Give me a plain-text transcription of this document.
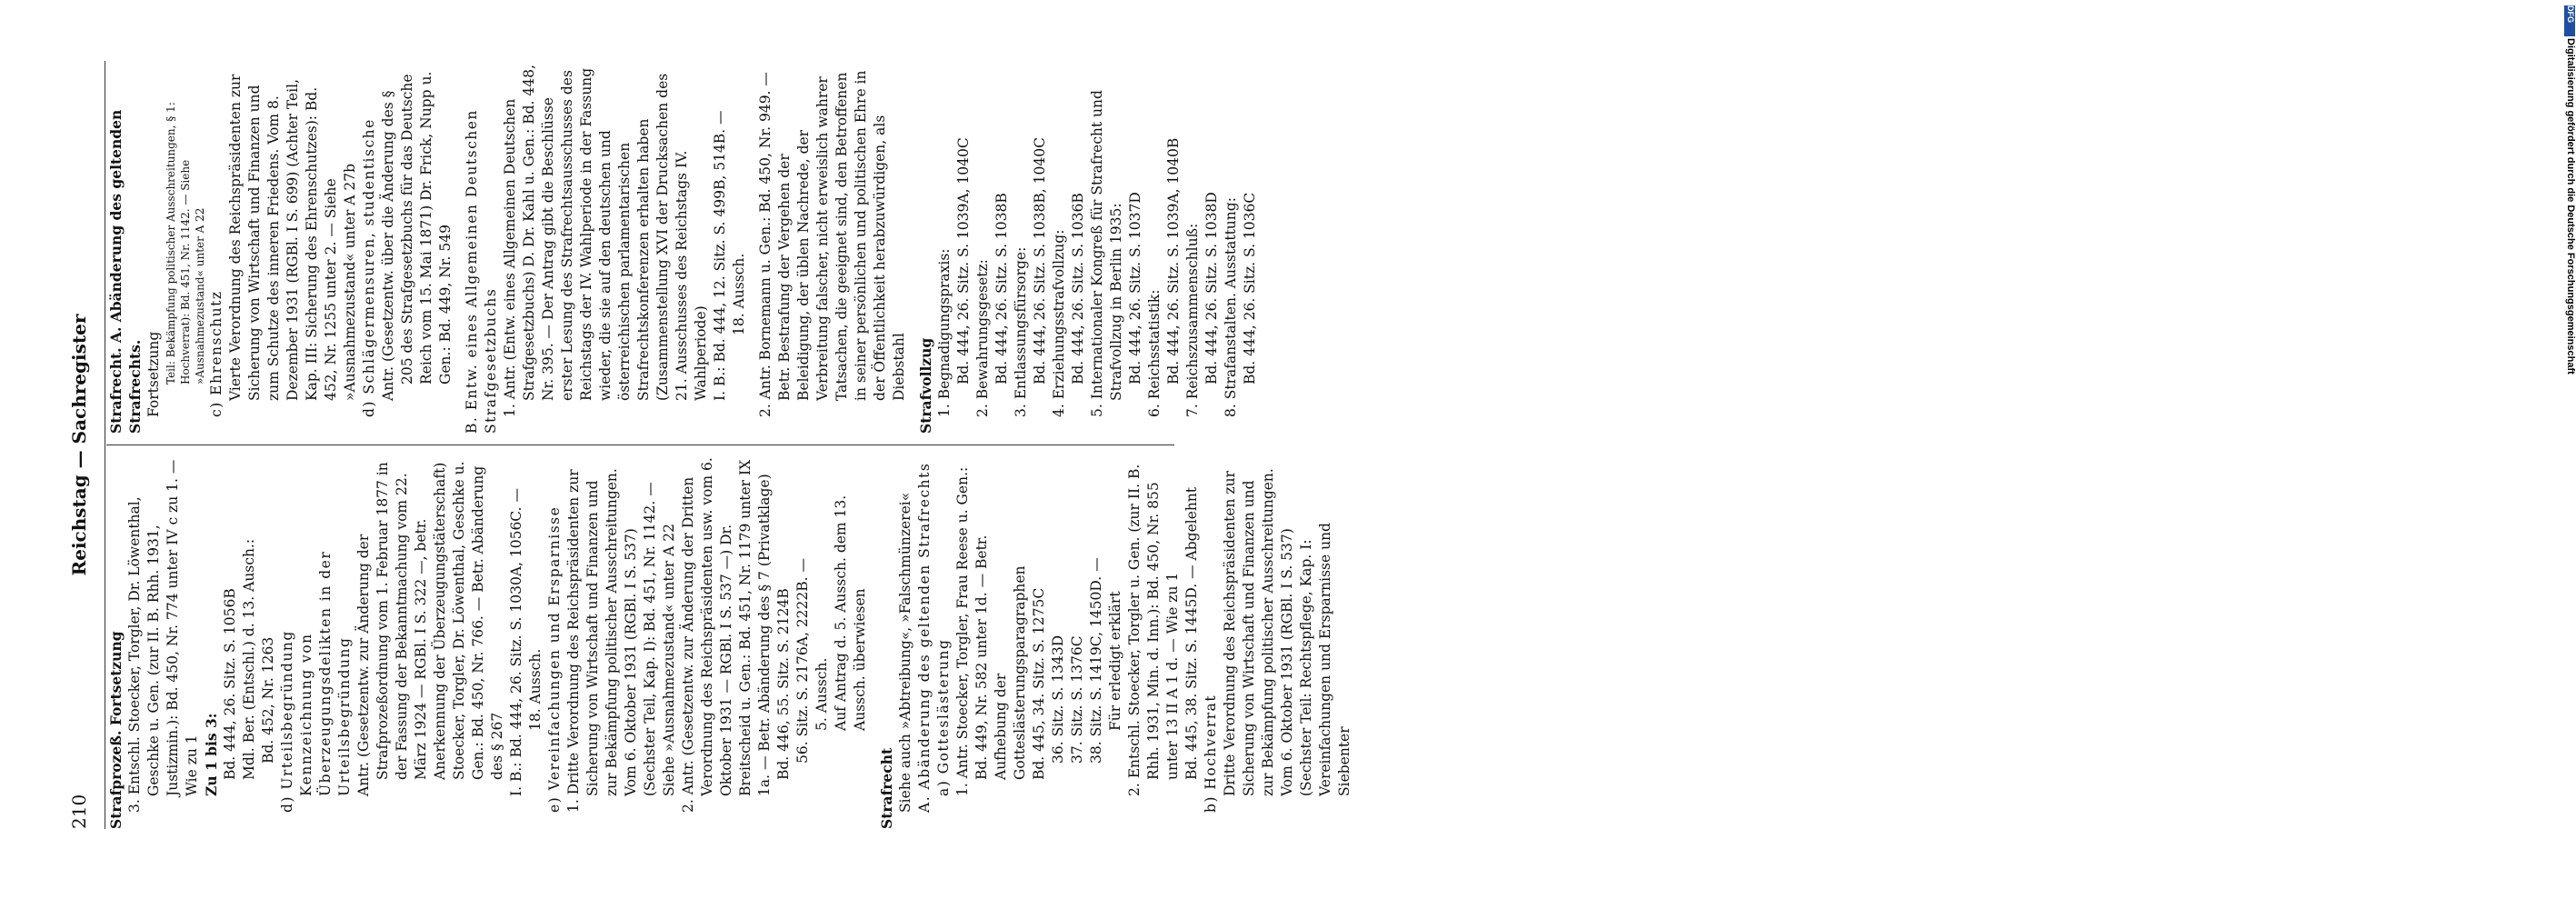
210
Reichstag — Sachregister

Strafprozeß. Fortsetzung 3. Entschl. Stoecker, Torgler, Dr. Löwenthal, Geschke u. Gen. (zur II. B. Rhh. 1931, Justizmin.): Bd. 450, Nr. 774 unter IV c zu 1. — Wie zu 1 Zu 1 bis 3: Bd. 444, 26. Sitz. S. 1056B Mdl. Ber. (Entschl.) d. 13. Ausch.: Bd. 452, Nr. 1263 d) Urteilsbegründung Kennzeichnung von Überzeugungsdelikten in der Urteilsbegründung Antr. (Gesetzentw. zur Änderung der Strafprozeßordnung vom 1. Februar 1877 in der Fassung der Bekanntmachung vom 22. März 1924 — RGBl. I S. 322 —, betr. Anerkennung der Überzeugungstäterschaft) Stoecker, Torgler, Dr. Löwenthal, Geschke u. Gen.: Bd. 450, Nr. 766. — Betr. Abänderung des § 267 I. B.: Bd. 444, 26. Sitz. S. 1030A, 1056C. — 18. Aussch. e) Vereinfachungen und Ersparnisse 1. Dritte Verordnung des Reichspräsidenten zur Sicherung von Wirtschaft und Finanzen und zur Bekämpfung politischer Ausschreitungen. Vom 6. Oktober 1931 (RGBl. I S. 537) (Sechster Teil, Kap. I): Bd. 451, Nr. 1142. — Siehe »Ausnahmezustand« unter A 22 2. Antr. (Gesetzentw. zur Änderung der Dritten Verordnung des Reichspräsidenten usw. vom 6. Oktober 1931 — RGBl. I S. 537 —) Dr. Breitscheid u. Gen.: Bd. 451, Nr. 1179 unter IX 1a. — Betr. Abänderung des § 7 (Privatklage) Bd. 446, 55. Sitz. S. 2124B 56. Sitz. S. 2176A, 2222B. — 5. Aussch. Auf Antrag d. 5. Aussch. dem 13. Aussch. überwiesen

Strafrecht Siehe auch »Abtreibung«, »Falschmünzerei« A. Abänderung des geltenden Strafrechts a) Gotteslästerung 1. Antr. Stoecker, Torgler, Frau Reese u. Gen.: Bd. 449, Nr. 582 unter 1d. — Betr. Aufhebung der Gotteslästerungsparagraphen Bd. 445, 34. Sitz. S. 1275C 36. Sitz. S. 1343D 37. Sitz. S. 1376C 38. Sitz. S. 1419C, 1450D. — Für erledigt erklärt 2. Entschl. Stoecker, Torgler u. Gen. (zur II. B. Rhh. 1931, Min. d. Inn.): Bd. 450, Nr. 855 unter 13 II A 1 d. — Wie zu 1 Bd. 445, 38. Sitz. S. 1445D. — Abgelehnt b) Hochverrat Dritte Verordnung des Reichspräsidenten zur Sicherung von Wirtschaft und Finanzen und zur Bekämpfung politischer Ausschreitungen. Vom 6. Oktober 1931 (RGBl. I S. 537) (Sechster Teil: Rechtspflege, Kap. I: Vereinfachungen und Ersparnisse und Siebenter

Strafrecht. A. Abänderung des geltenden Strafrechts. Fortsetzung Teil: Bekämpfung politischer Ausschreitungen, § 1: Hochverrat): Bd. 451, Nr. 1142. — Siehe »Ausnahmezustand« unter A 22 c) Ehrenschutz Vierte Verordnung des Reichspräsidenten zur Sicherung von Wirtschaft und Finanzen und zum Schutze des inneren Friedens. Vom 8. Dezember 1931 (RGBl. I S. 699) (Achter Teil, Kap. III: Sicherung des Ehrenschutzes): Bd. 452, Nr. 1255 unter 2. — Siehe »Ausnahmezustand« unter A 27b d) Schlägermensuren, studentische Antr. (Gesetzentw. über die Änderung des § 205 des Strafgesetzbuchs für das Deutsche Reich vom 15. Mai 1871) Dr. Frick, Nupp u. Gen.: Bd. 449, Nr. 549 B. Entw. eines Allgemeinen Deutschen Strafgesetzbuchs 1. Antr. (Entw. eines Allgemeinen Deutschen Strafgesetzbuchs) D. Dr. Kahl u. Gen.: Bd. 448, Nr. 395. — Der Antrag gibt die Beschlüsse erster Lesung des Strafrechtsausschusses des Reichstags der IV. Wahlperiode in der Fassung wieder, die sie auf den deutschen und österreichischen parlamentarischen Strafrechtskonferenzen erhalten haben (Zusammenstellung XVI der Drucksachen des 21. Ausschusses des Reichstags IV. Wahlperiode) I. B.: Bd. 444, 12. Sitz. S. 499B, 514B. — 18. Aussch. 2. Antr. Bornemann u. Gen.: Bd. 450, Nr. 949. — Betr. Bestrafung der Vergehen der Beleidigung, der üblen Nachrede, der Verbreitung falscher, nicht erweislich wahrer Tatsachen, die geeignet sind, den Betroffenen in seiner persönlichen und politischen Ehre in der Öffentlichkeit herabzuwürdigen, als Diebstahl Strafvollzug 1. Begnadigungspraxis: Bd. 444, 26. Sitz. S. 1039A, 1040C 2. Bewahrungsgesetz: Bd. 444, 26. Sitz. S. 1038B 3. Entlassungsfürsorge: Bd. 444, 26. Sitz. S. 1038B, 1040C 4. Erziehungsstrafvollzug: Bd. 444, 26. Sitz. S. 1036B 5. Internationaler Kongreß für Strafrecht und Strafvollzug in Berlin 1935: Bd. 444, 26. Sitz. S. 1037D 6. Reichsstatistik: Bd. 444, 26. Sitz. S. 1039A, 1040B 7. Reichszusammenschluß: Bd. 444, 26. Sitz. S. 1038D 8. Strafanstalten. Ausstattung: Bd. 444, 26. Sitz. S. 1036C

DFG
Digitalisierung gefördert durch die Deutsche Forschungsgemeinschaft
